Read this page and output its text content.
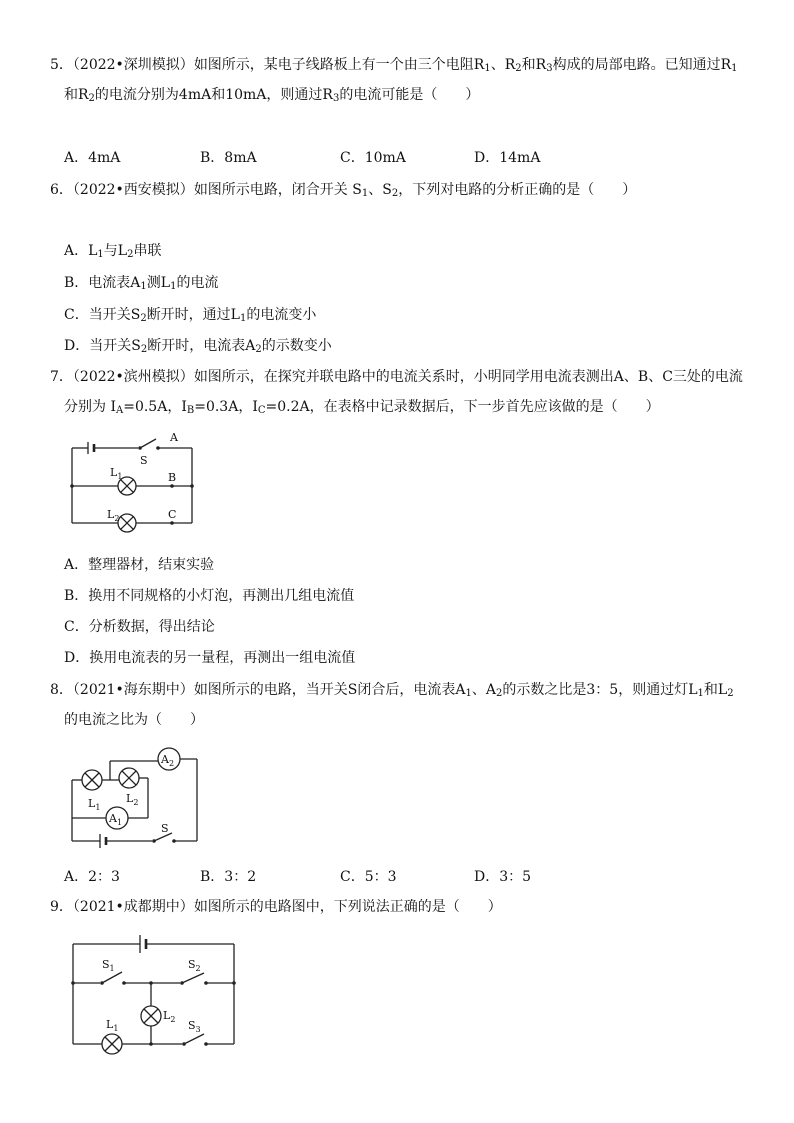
5．（2022•深圳模拟）如图所示，某电子线路板上有一个由三个电阻$R_1$、$R_2$和$R_3$构成的局部电路。已知通过$R_1$
和$R_2$的电流分别为4mA和10mA，则通过$R_3$的电流可能是（　　）
A．4mA	B．8mA	C．10mA	D．14mA
6．（2022•西安模拟）如图所示电路，闭合开关 $S_1$、$S_2$，下列对电路的分析正确的是（　　）
A．$L_1$与$L_2$串联
B．电流表$A_1$测$L_1$的电流
C．当开关$S_2$断开时，通过$L_1$的电流变小
D．当开关$S_2$断开时，电流表$A_2$的示数变小
7．（2022•滨州模拟）如图所示，在探究并联电路中的电流关系时，小明同学用电流表测出A、B、C三处的电流
分别为 $I_A=0.5A$，$I_B=0.3A$，$I_C=0.2A$，在表格中记录数据后，下一步首先应该做的是（　　）
S
A
$L_1$	B
$L_2$	C
A．整理器材，结束实验
B．换用不同规格的小灯泡，再测出几组电流值
C．分析数据，得出结论
D．换用电流表的另一量程，再测出一组电流值
8．（2021•海东期中）如图所示的电路，当开关S闭合后，电流表$A_1$、$A_2$的示数之比是3：5，则通过灯$L_1$和$L_2$
的电流之比为（　　）
$A_2$
$L_1$
$L_2$
$A_1$	S
A．2：3	B．3：2	C．5：3	D．3：5
9．（2021•成都期中）如图所示的电路图中，下列说法正确的是（　　）
$S_1$	$S_2$
$L_2$
$L_1$	$S_3$
